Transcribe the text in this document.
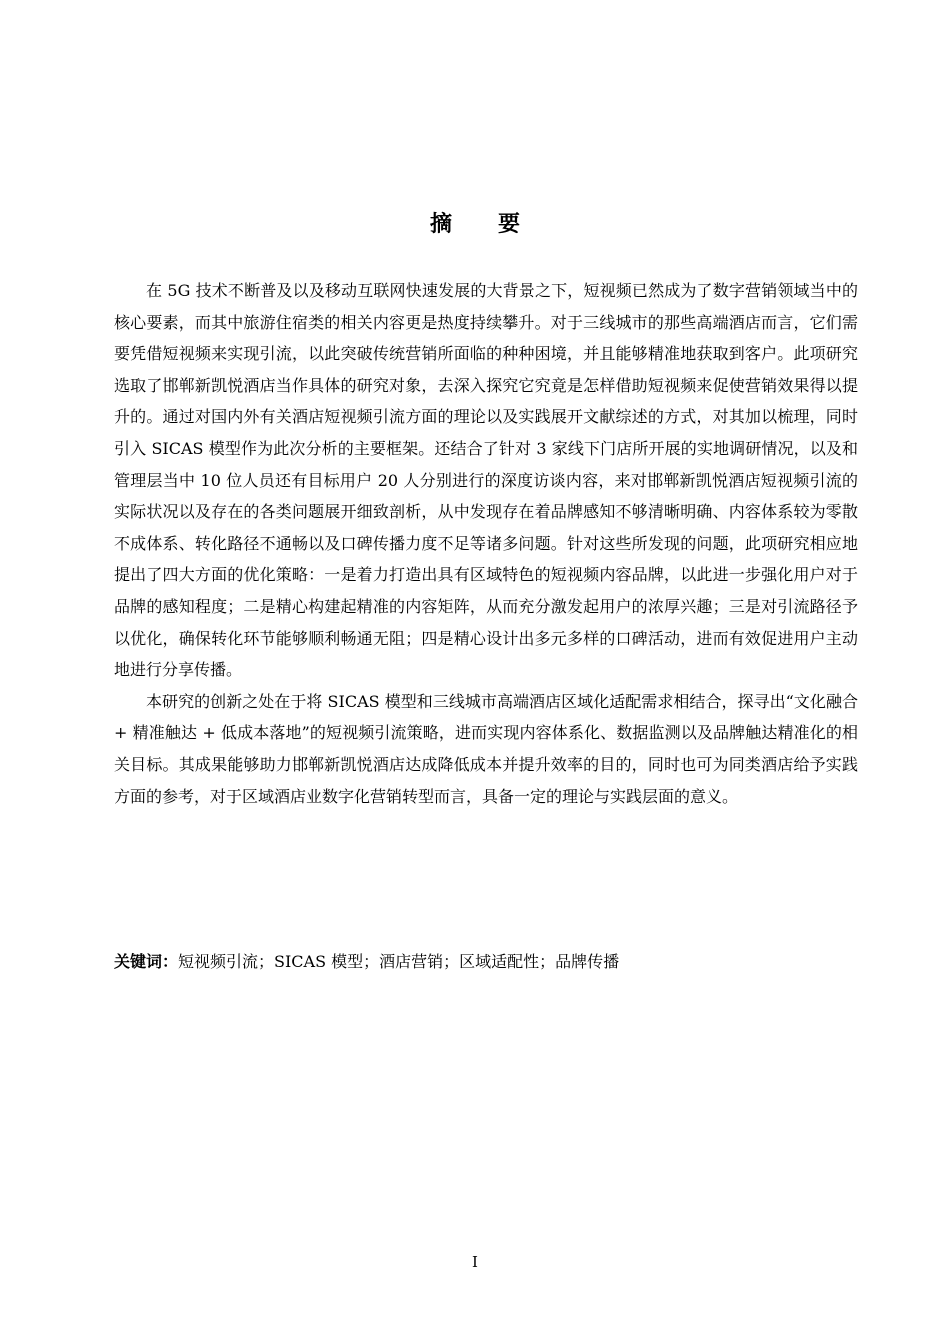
摘要

在 5G 技术不断普及以及移动互联网快速发展的大背景之下，短视频已然成为了数字营销领域当中的核心要素，而其中旅游住宿类的相关内容更是热度持续攀升。对于三线城市的那些高端酒店而言，它们需要凭借短视频来实现引流，以此突破传统营销所面临的种种困境，并且能够精准地获取到客户。此项研究选取了邯郸新凯悦酒店当作具体的研究对象，去深入探究它究竟是怎样借助短视频来促使营销效果得以提升的。通过对国内外有关酒店短视频引流方面的理论以及实践展开文献综述的方式，对其加以梳理，同时引入 SICAS 模型作为此次分析的主要框架。还结合了针对 3 家线下门店所开展的实地调研情况，以及和管理层当中 10 位人员还有目标用户 20 人分别进行的深度访谈内容，来对邯郸新凯悦酒店短视频引流的实际状况以及存在的各类问题展开细致剖析，从中发现存在着品牌感知不够清晰明确、内容体系较为零散不成体系、转化路径不通畅以及口碑传播力度不足等诸多问题。针对这些所发现的问题，此项研究相应地提出了四大方面的优化策略：一是着力打造出具有区域特色的短视频内容品牌，以此进一步强化用户对于品牌的感知程度；二是精心构建起精准的内容矩阵，从而充分激发起用户的浓厚兴趣；三是对引流路径予以优化，确保转化环节能够顺利畅通无阻；四是精心设计出多元多样的口碑活动，进而有效促进用户主动地进行分享传播。

本研究的创新之处在于将 SICAS 模型和三线城市高端酒店区域化适配需求相结合，探寻出“文化融合 + 精准触达 + 低成本落地”的短视频引流策略，进而实现内容体系化、数据监测以及品牌触达精准化的相关目标。其成果能够助力邯郸新凯悦酒店达成降低成本并提升效率的目的，同时也可为同类酒店给予实践方面的参考，对于区域酒店业数字化营销转型而言，具备一定的理论与实践层面的意义。

关键词：短视频引流；SICAS 模型；酒店营销；区域适配性；品牌传播
I
